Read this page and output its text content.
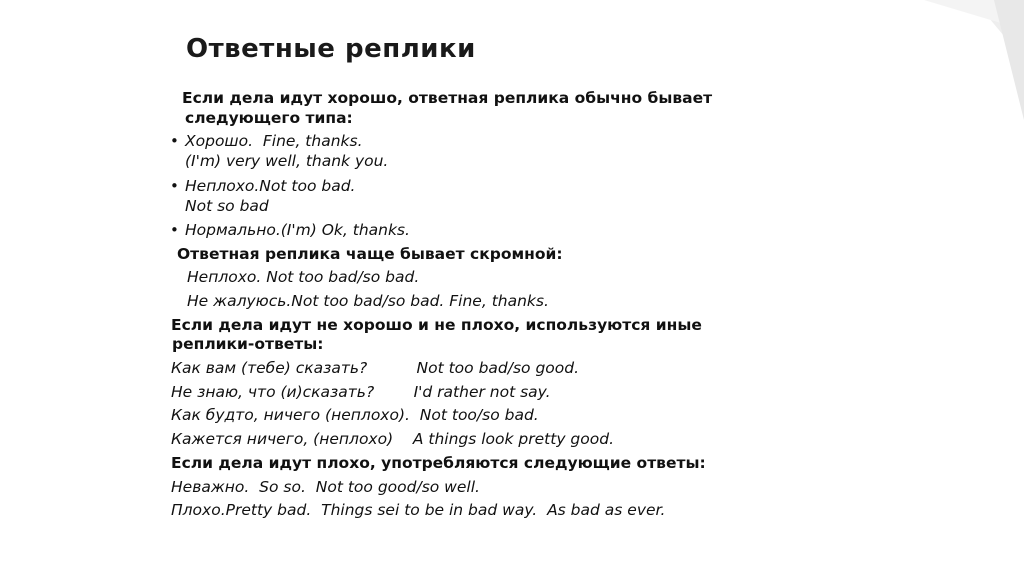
Ответные реплики
Если дела идут хорошо, ответная реплика обычно бывает
следующего типа:
• Хорошо.  Fine, thanks.
(I'm) very well, thank you.
• Неплохо.Not too bad.
Not so bad
• Нормально.(I'm) Ok, thanks.
Ответная реплика чаще бывает скромной:
Неплохо. Not too bad/so bad.
Не жалуюсь.Not too bad/so bad. Fine, thanks.
Если дела идут не хорошо и не плохо, используются иные
реплики-ответы:
Как вам (тебе) сказать?          Not too bad/so good.
Не знаю, что (и)сказать?        I'd rather not say.
Как будто, ничего (неплохо).  Not too/so bad.
Кажется ничего, (неплохо)    A things look pretty good.
Если дела идут плохо, употребляются следующие ответы:
Неважно.  So so.  Not too good/so well.
Плохо.Pretty bad.  Things sei to be in bad way.  As bad as ever.
